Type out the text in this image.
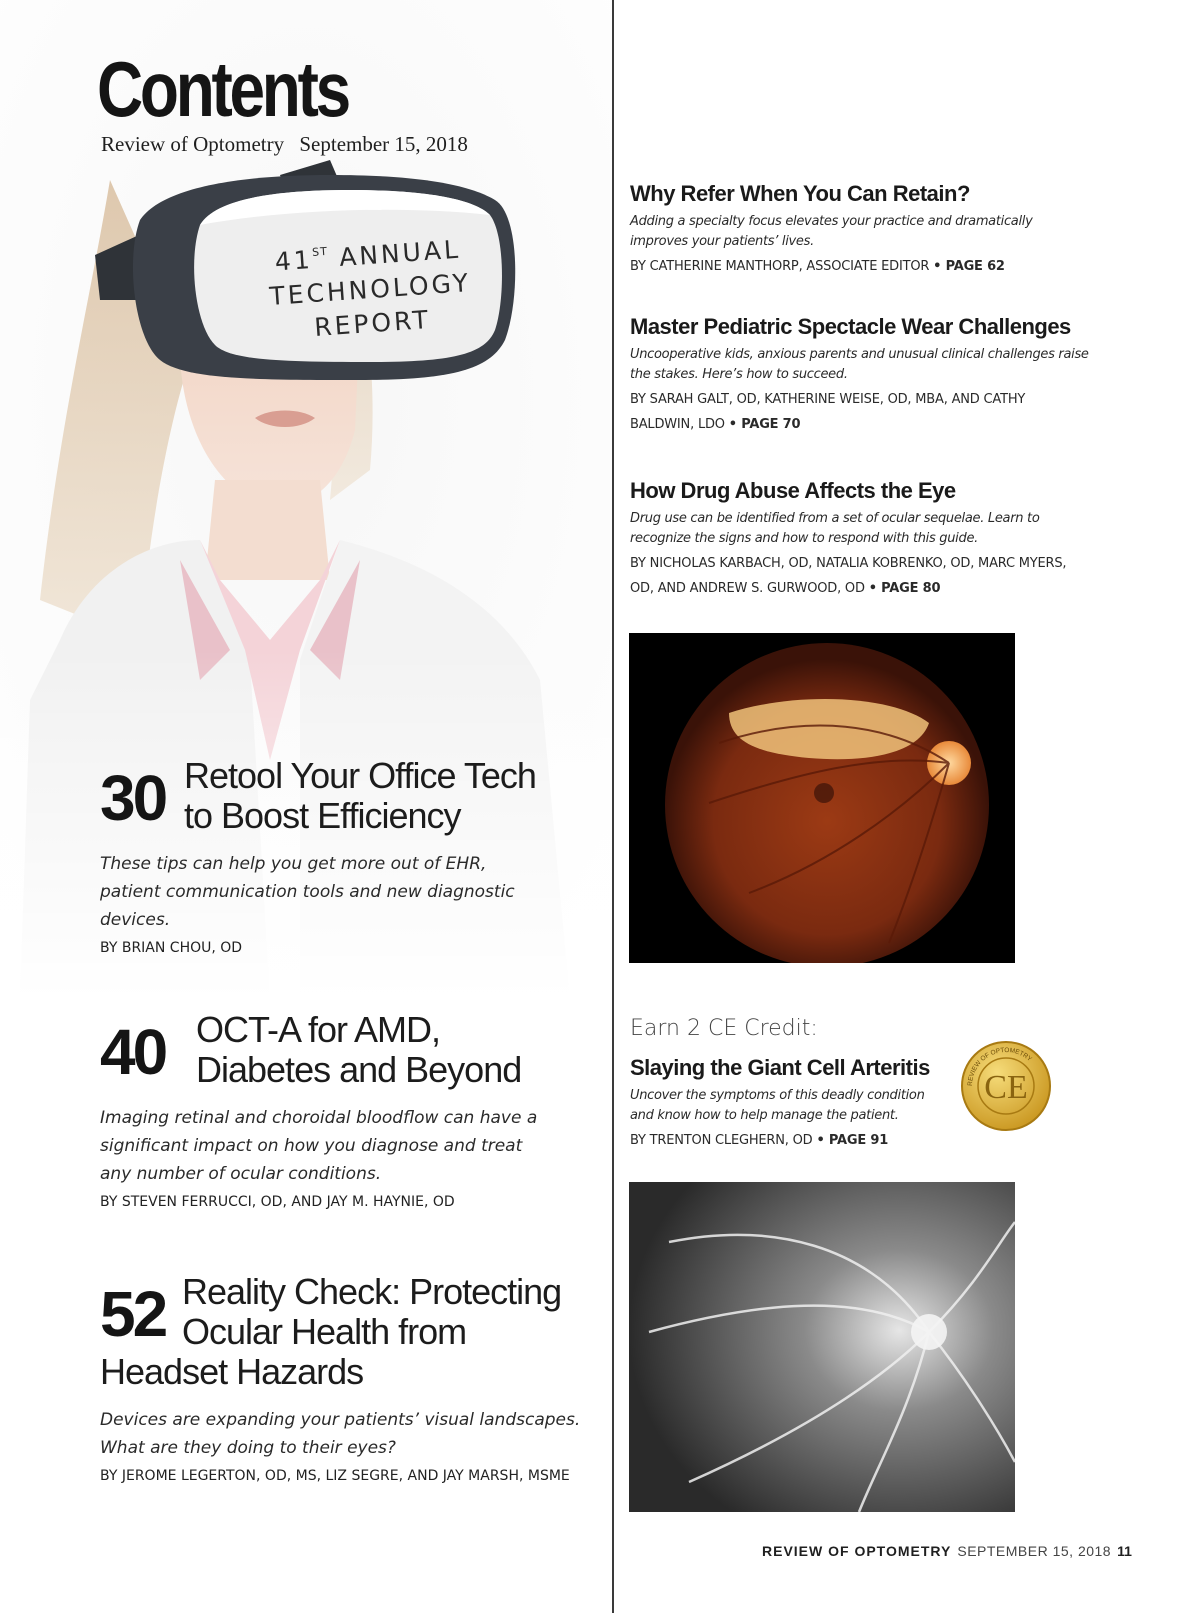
Contents
Review of Optometry September 15, 2018
41ST ANNUAL
TECHNOLOGY
REPORT
30 Retool Your Office Tech
to Boost Efficiency
These tips can help you get more out of EHR, patient communication tools and new diagnostic devices.
BY BRIAN CHOU, OD
40 OCT-A for AMD,
Diabetes and Beyond
Imaging retinal and choroidal bloodflow can have a significant impact on how you diagnose and treat any number of ocular conditions.
BY STEVEN FERRUCCI, OD, AND JAY M. HAYNIE, OD
52 Reality Check: Protecting
Ocular Health from
Headset Hazards
Devices are expanding your patients’ visual landscapes. What are they doing to their eyes?
BY JEROME LEGERTON, OD, MS, LIZ SEGRE, AND JAY MARSH, MSME
Why Refer When You Can Retain?
Adding a specialty focus elevates your practice and dramatically improves your patients’ lives.
BY CATHERINE MANTHORP, ASSOCIATE EDITOR • PAGE 62
Master Pediatric Spectacle Wear Challenges
Uncooperative kids, anxious parents and unusual clinical challenges raise the stakes. Here’s how to succeed.
BY SARAH GALT, OD, KATHERINE WEISE, OD, MBA, AND CATHY BALDWIN, LDO • PAGE 70
How Drug Abuse Affects the Eye
Drug use can be identified from a set of ocular sequelae. Learn to recognize the signs and how to respond with this guide.
BY NICHOLAS KARBACH, OD, NATALIA KOBRENKO, OD, MARC MYERS, OD, AND ANDREW S. GURWOOD, OD • PAGE 80
Earn 2 CE Credit:
Slaying the Giant Cell Arteritis
Uncover the symptoms of this deadly condition and know how to help manage the patient.
BY TRENTON CLEGHERN, OD • PAGE 91
REVIEW OF OPTOMETRY
CE
REVIEW OF OPTOMETRY SEPTEMBER 15, 2018 11
